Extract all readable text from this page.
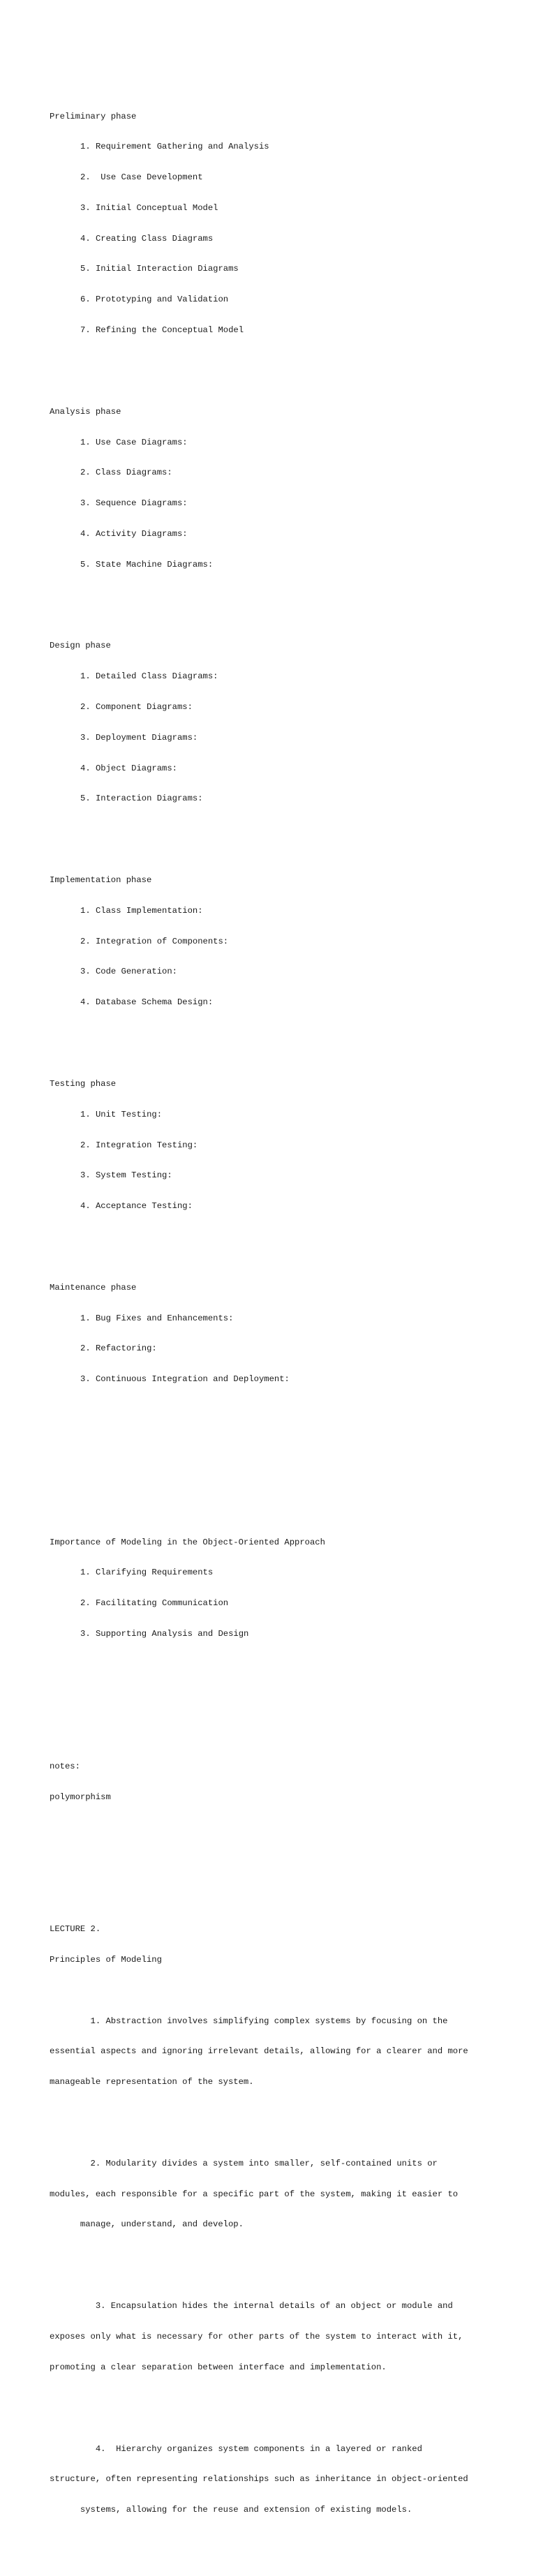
Preliminary phase

1. Requirement Gathering and Analysis

2.  Use Case Development

3. Initial Conceptual Model

4. Creating Class Diagrams

5. Initial Interaction Diagrams

6. Prototyping and Validation

7. Refining the Conceptual Model

Analysis phase

1. Use Case Diagrams:

2. Class Diagrams:

3. Sequence Diagrams:

4. Activity Diagrams:

5. State Machine Diagrams:

Design phase

1. Detailed Class Diagrams:

2. Component Diagrams:

3. Deployment Diagrams:

4. Object Diagrams:

5. Interaction Diagrams:

Implementation phase

1. Class Implementation:

2. Integration of Components:

3. Code Generation:

4. Database Schema Design:

Testing phase

1. Unit Testing:

2. Integration Testing:

3. System Testing:

4. Acceptance Testing:

Maintenance phase

1. Bug Fixes and Enhancements:

2. Refactoring:

3. Continuous Integration and Deployment:

Importance of Modeling in the Object-Oriented Approach

1. Clarifying Requirements

2. Facilitating Communication

3. Supporting Analysis and Design

notes:

polymorphism

LECTURE 2.

Principles of Modeling

1. Abstraction involves simplifying complex systems by focusing on the

essential aspects and ignoring irrelevant details, allowing for a clearer and more

manageable representation of the system.

2. Modularity divides a system into smaller, self-contained units or

modules, each responsible for a specific part of the system, making it easier to

manage, understand, and develop.

3. Encapsulation hides the internal details of an object or module and

exposes only what is necessary for other parts of the system to interact with it,

promoting a clear separation between interface and implementation.

4.  Hierarchy organizes system components in a layered or ranked

structure, often representing relationships such as inheritance in object-oriented

systems, allowing for the reuse and extension of existing models.
